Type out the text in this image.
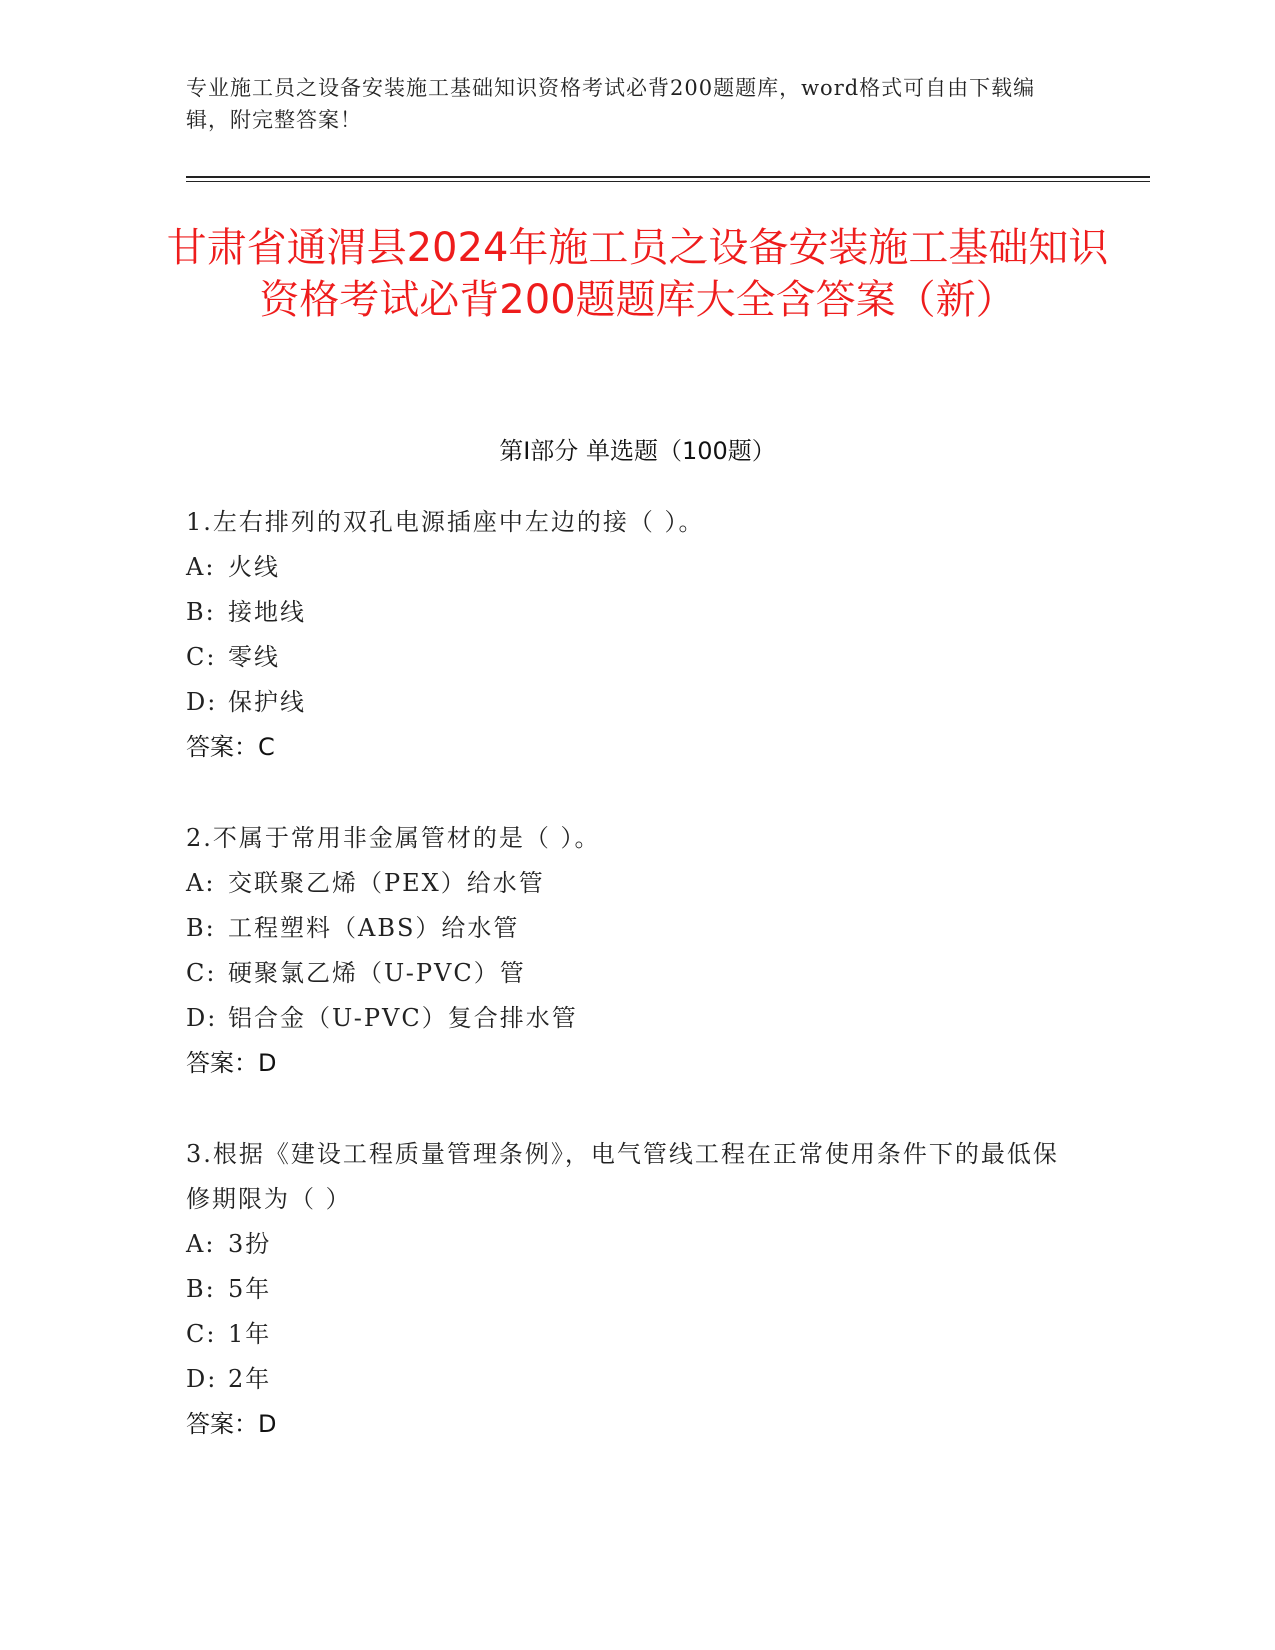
专业施工员之设备安装施工基础知识资格考试必背200题题库，word格式可自由下载编辑，附完整答案！
甘肃省通渭县2024年施工员之设备安装施工基础知识资格考试必背200题题库大全含答案（新）
第I部分 单选题（100题）

1.左右排列的双孔电源插座中左边的接（ ）。

A: 火线

B: 接地线

C: 零线

D: 保护线

答案：C

2.不属于常用非金属管材的是（ ）。

A: 交联聚乙烯（PEX）给水管

B: 工程塑料（ABS）给水管

C: 硬聚氯乙烯（U-PVC）管

D: 铝合金（U-PVC）复合排水管

答案：D

3.根据《建设工程质量管理条例》，电气管线工程在正常使用条件下的最低保修期限为（ ）

A: 3扮

B: 5年

C: 1年

D: 2年

答案：D
